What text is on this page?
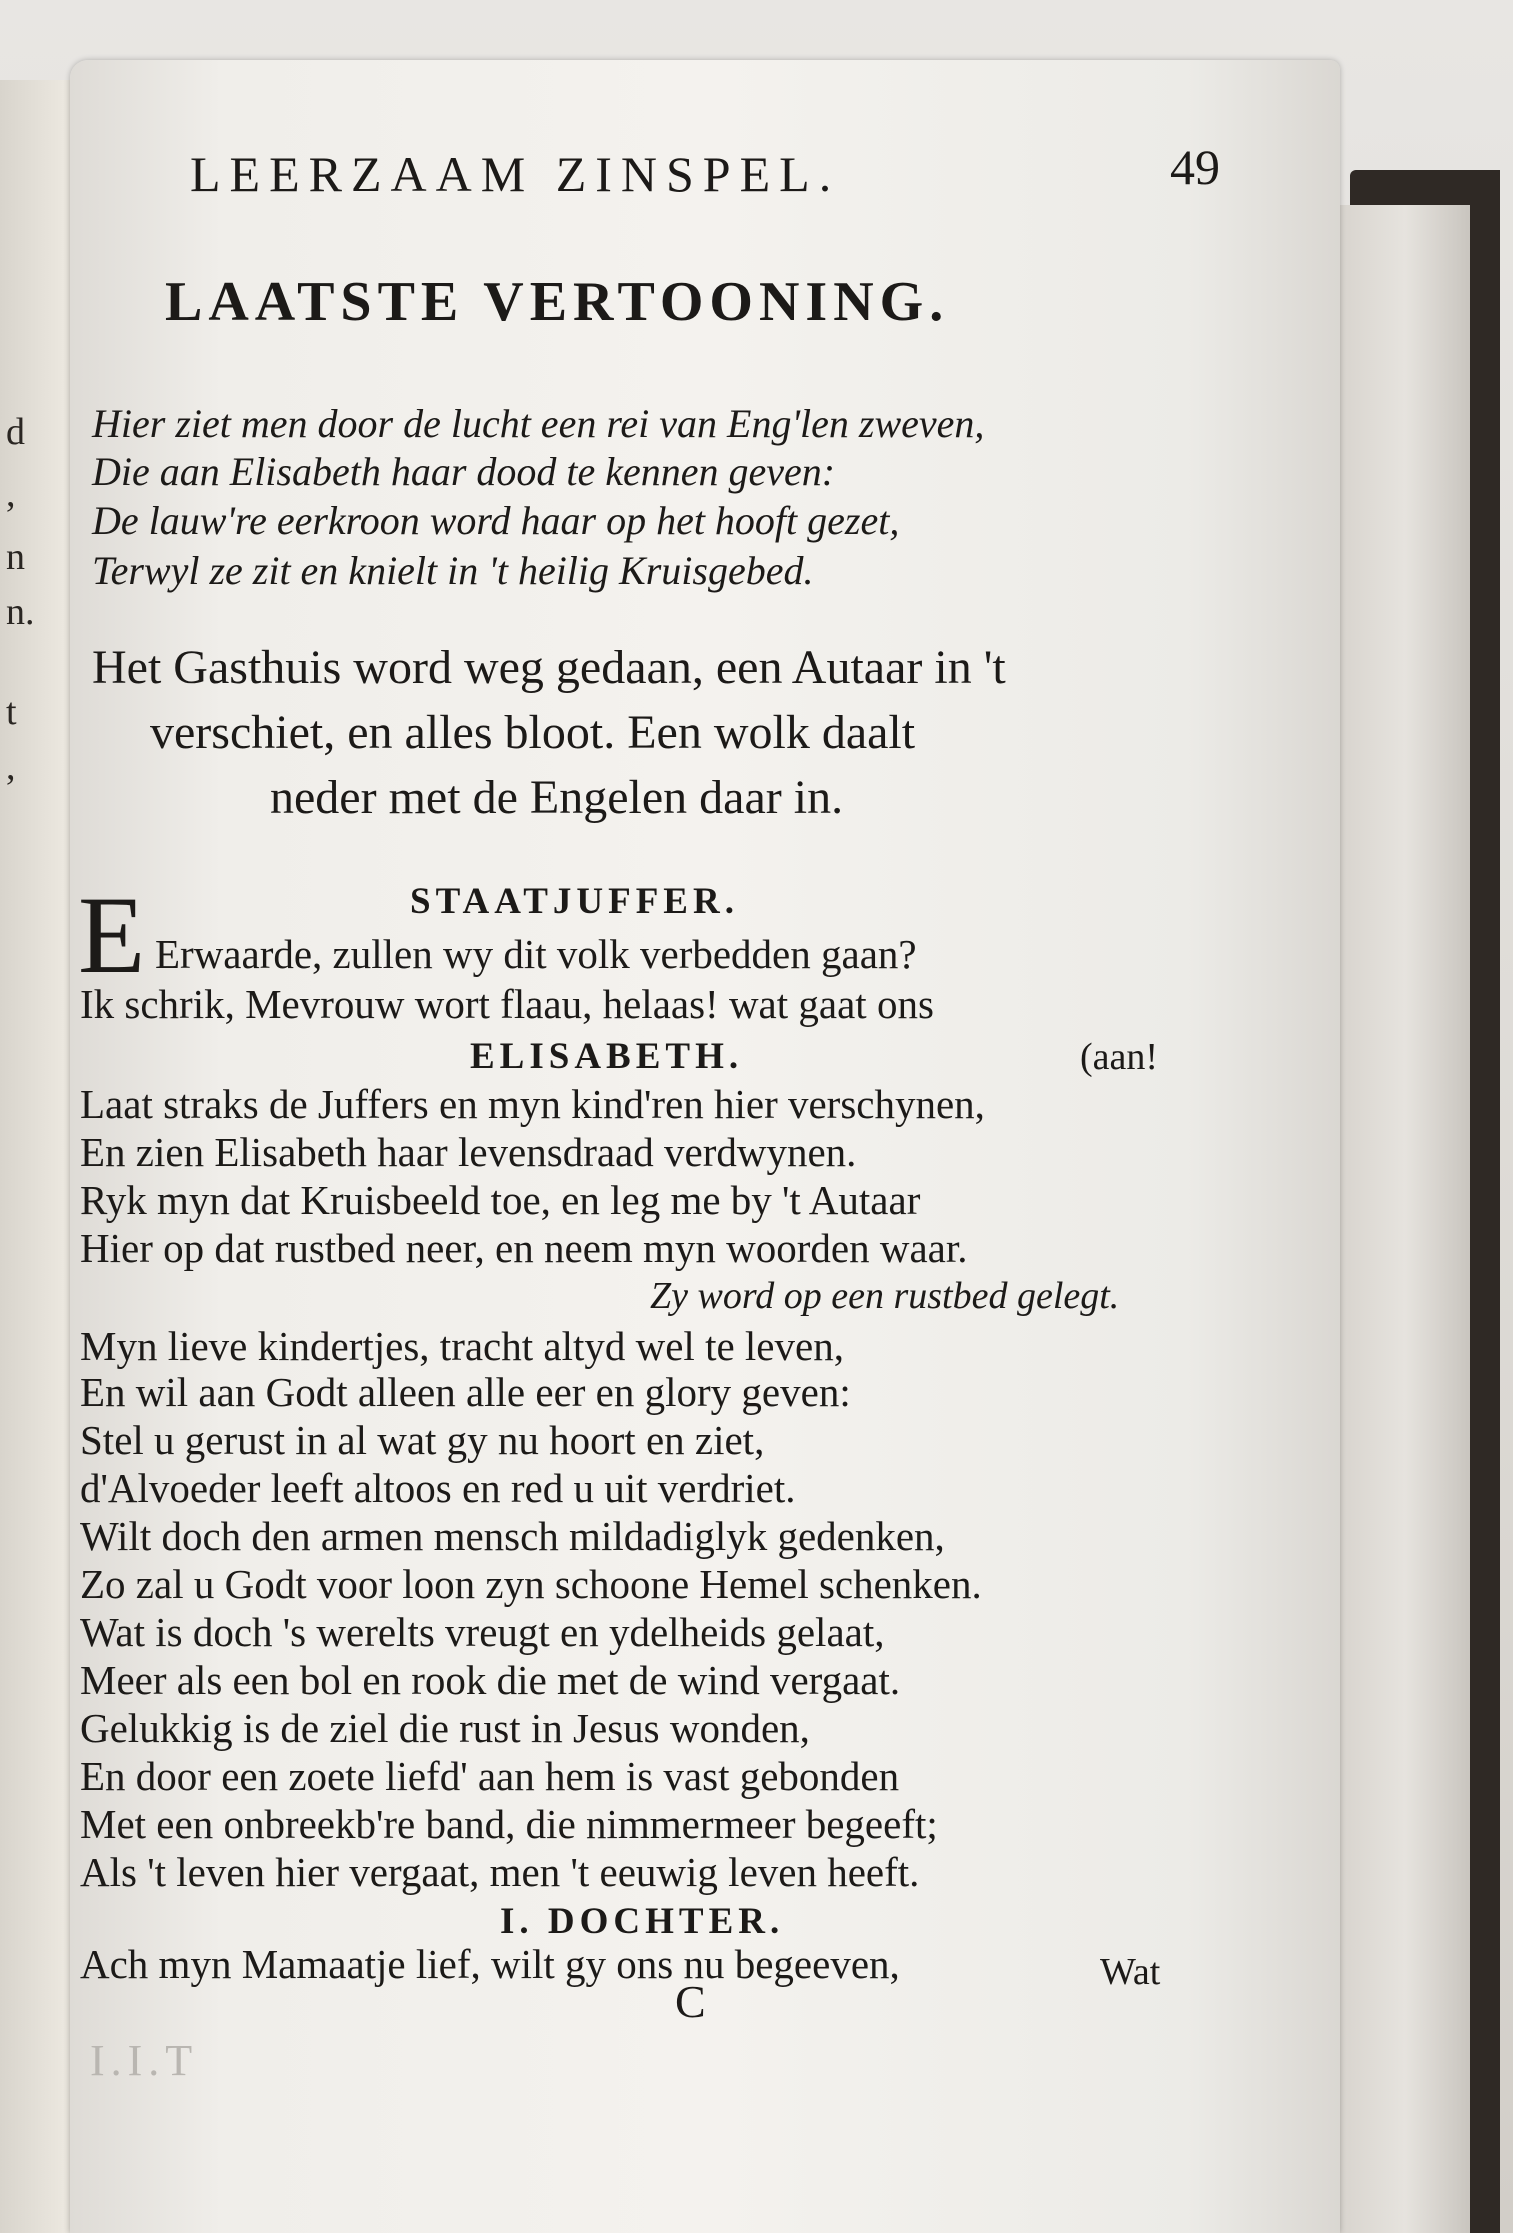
d
,
n
n.
t
,
LEERZAAM ZINSPEL.	49
LAATSTE VERTOONING.
Hier ziet men door de lucht een rei van Eng'len zweven,
Die aan Elisabeth haar dood te kennen geven:
De lauw're eerkroon word haar op het hooft gezet,
Terwyl ze zit en knielt in 't heilig Kruisgebed.
Het Gasthuis word weg gedaan, een Autaar in 't
verschiet, en alles bloot. Een wolk daalt
neder met de Engelen daar in.
STAATJUFFER.
E Erwaarde, zullen wy dit volk verbedden gaan?
Ik schrik, Mevrouw wort flaau, helaas! wat gaat ons
(aan!
ELISABETH.
Laat straks de Juffers en myn kind'ren hier verschynen,
En zien Elisabeth haar levensdraad verdwynen.
Ryk myn dat Kruisbeeld toe, en leg me by 't Autaar
Hier op dat rustbed neer, en neem myn woorden waar.
Zy word op een rustbed gelegt.
Myn lieve kindertjes, tracht altyd wel te leven,
En wil aan Godt alleen alle eer en glory geven:
Stel u gerust in al wat gy nu hoort en ziet,
d'Alvoeder leeft altoos en red u uit verdriet.
Wilt doch den armen mensch mildadiglyk gedenken,
Zo zal u Godt voor loon zyn schoone Hemel schenken.
Wat is doch 's werelts vreugt en ydelheids gelaat,
Meer als een bol en rook die met de wind vergaat.
Gelukkig is de ziel die rust in Jesus wonden,
En door een zoete liefd' aan hem is vast gebonden
Met een onbreekb're band, die nimmermeer begeeft;
Als 't leven hier vergaat, men 't eeuwig leven heeft.
I. DOCHTER.
Ach myn Mamaatje lief, wilt gy ons nu begeeven,	Wat
C
I.I.T
